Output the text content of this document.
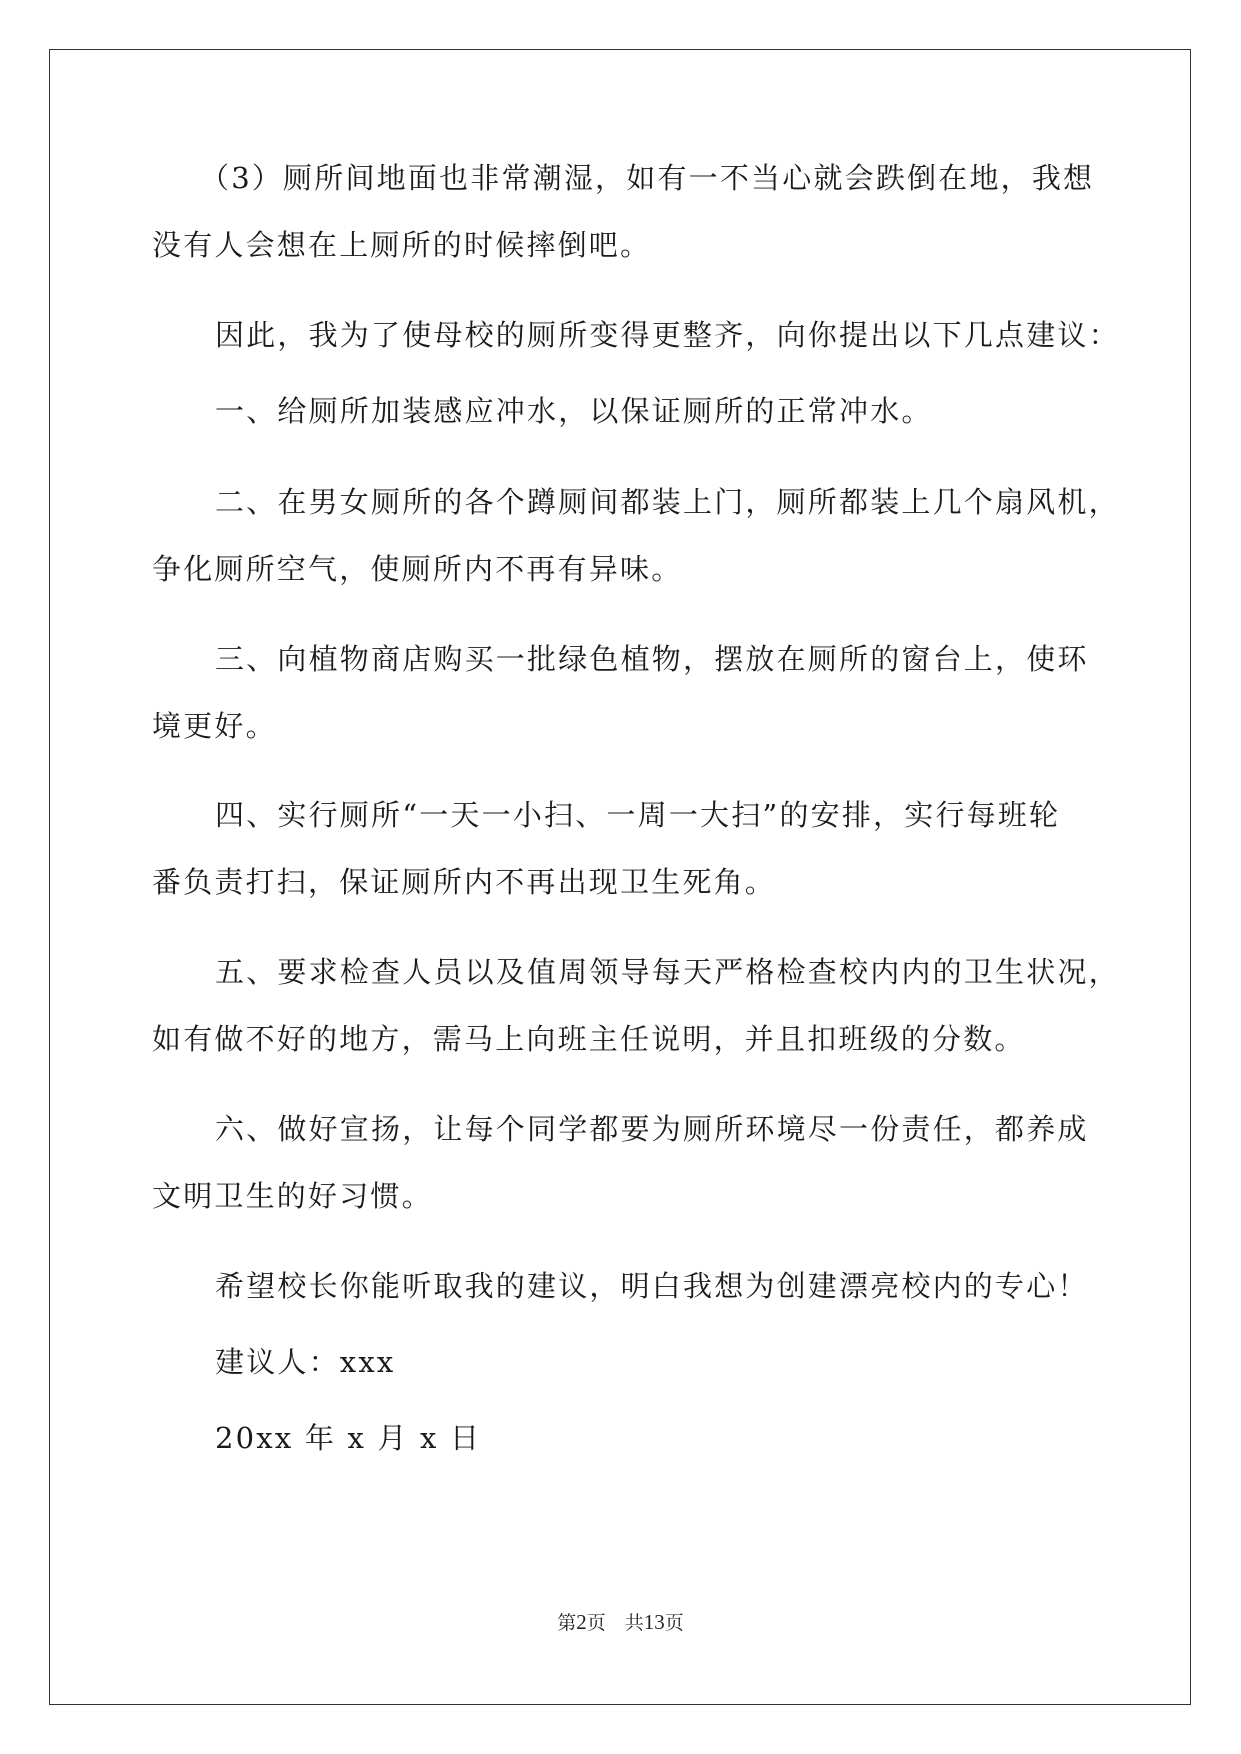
（3）厕所间地面也非常潮湿，如有一不当心就会跌倒在地，我想
没有人会想在上厕所的时候摔倒吧。
因此，我为了使母校的厕所变得更整齐，向你提出以下几点建议：
一、给厕所加装感应冲水，以保证厕所的正常冲水。
二、在男女厕所的各个蹲厕间都装上门，厕所都装上几个扇风机，
争化厕所空气，使厕所内不再有异味。
三、向植物商店购买一批绿色植物，摆放在厕所的窗台上，使环
境更好。
四、实行厕所“一天一小扫、一周一大扫”的安排，实行每班轮
番负责打扫，保证厕所内不再出现卫生死角。
五、要求检查人员以及值周领导每天严格检查校内内的卫生状况，
如有做不好的地方，需马上向班主任说明，并且扣班级的分数。
六、做好宣扬，让每个同学都要为厕所环境尽一份责任，都养成
文明卫生的好习惯。
希望校长你能听取我的建议，明白我想为创建漂亮校内的专心！
建议人：xxx
20xx 年 x 月 x 日
第2页　共13页
